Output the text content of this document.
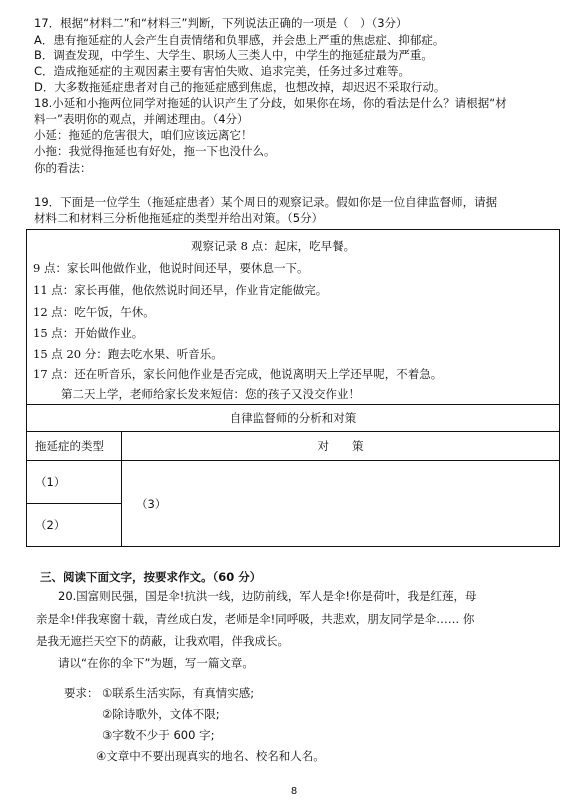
17．根据“材料二”和“材料三”判断，下列说法正确的一项是（　）（3分）
A．患有拖延症的人会产生自责情绪和负罪感，并会患上严重的焦虑症、抑郁症。
B．调查发现，中学生、大学生、职场人三类人中，中学生的拖延症最为严重。
C．造成拖延症的主观因素主要有害怕失败、追求完美，任务过多过难等。
D．大多数拖延症患者对自己的拖延症感到焦虑，也想改掉，却迟迟不采取行动。
18.小延和小拖两位同学对拖延的认识产生了分歧，如果你在场，你的看法是什么？请根据“材
料一”表明你的观点，并阐述理由。（4分）
小延：拖延的危害很大，咱们应该远离它！
小拖：我觉得拖延也有好处，拖一下也没什么。
你的看法：
19．下面是一位学生（拖延症患者）某个周日的观察记录。假如你是一位自律监督师，请据
材料二和材料三分析他拖延症的类型并给出对策。（5分）
观察记录 8 点：起床，吃早餐。
9 点：家长叫他做作业，他说时间还早，要休息一下。
11 点：家长再催，他依然说时间还早，作业肯定能做完。
12 点：吃午饭，午休。
15 点：开始做作业。
15 点 20 分：跑去吃水果、听音乐。
17 点：还在听音乐，家长问他作业是否完成，他说离明天上学还早呢，不着急。
第二天上学，老师给家长发来短信：您的孩子又没交作业！
自律监督师的分析和对策	
拖延症的类型	对　　策
（1）	（3）
（2）	
三、阅读下面文字，按要求作文。（60 分）
20.国富则民强，国是伞!抗洪一线，边防前线，军人是伞!你是荷叶，我是红莲，母
亲是伞!伴我寒窗十载，青丝成白发，老师是伞!同呼吸，共悲欢，朋友同学是伞…… 你
是我无遮拦天空下的荫蔽，让我欢唱，伴我成长。
请以“在你的伞下”为题，写一篇文章。
要求： ①联系生活实际，有真情实感;
②除诗歌外，文体不限;
③字数不少于 600 字;
④文章中不要出现真实的地名、校名和人名。
8
